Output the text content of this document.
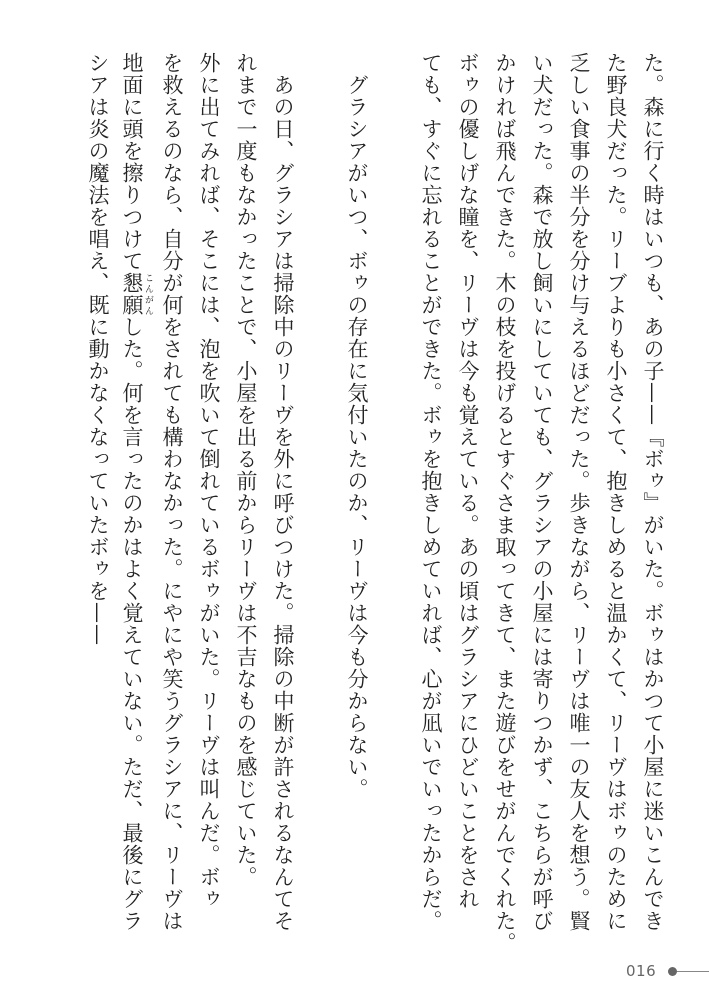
た。森に行く時はいつも、あの子——『ボゥ』がいた。ボゥはかつて小屋に迷いこんでき
た野良犬だった。リーブよりも小さくて、抱きしめると温かくて、リーヴはボゥのために
乏しい食事の半分を分け与えるほどだった。歩きながら、リーヴは唯一の友人を想う。賢
い犬だった。森で放し飼いにしていても、グラシアの小屋には寄りつかず、こちらが呼び
かければ飛んできた。木の枝を投げるとすぐさま取ってきて、また遊びをせがんでくれた。
ボゥの優しげな瞳を、リーヴは今も覚えている。あの頃はグラシアにひどいことをされ
ても、すぐに忘れることができた。ボゥを抱きしめていれば、心が凪いでいったからだ。
　グラシアがいつ、ボゥの存在に気付いたのか、リーヴは今も分からない。
　あの日、グラシアは掃除中のリーヴを外に呼びつけた。掃除の中断が許されるなんてそ
れまで一度もなかったことで、小屋を出る前からリーヴは不吉なものを感じていた。
外に出てみれば、そこには、泡を吹いて倒れているボゥがいた。リーヴは叫んだ。ボゥ
を救えるのなら、自分が何をされても構わなかった。にやにや笑うグラシアに、リーヴは
地面に頭を擦りつけて懇願 こんがんした。何を言ったのかはよく覚えていない。ただ、最後にグラ
シアは炎の魔法を唱え、既に動かなくなっていたボゥを——
016
